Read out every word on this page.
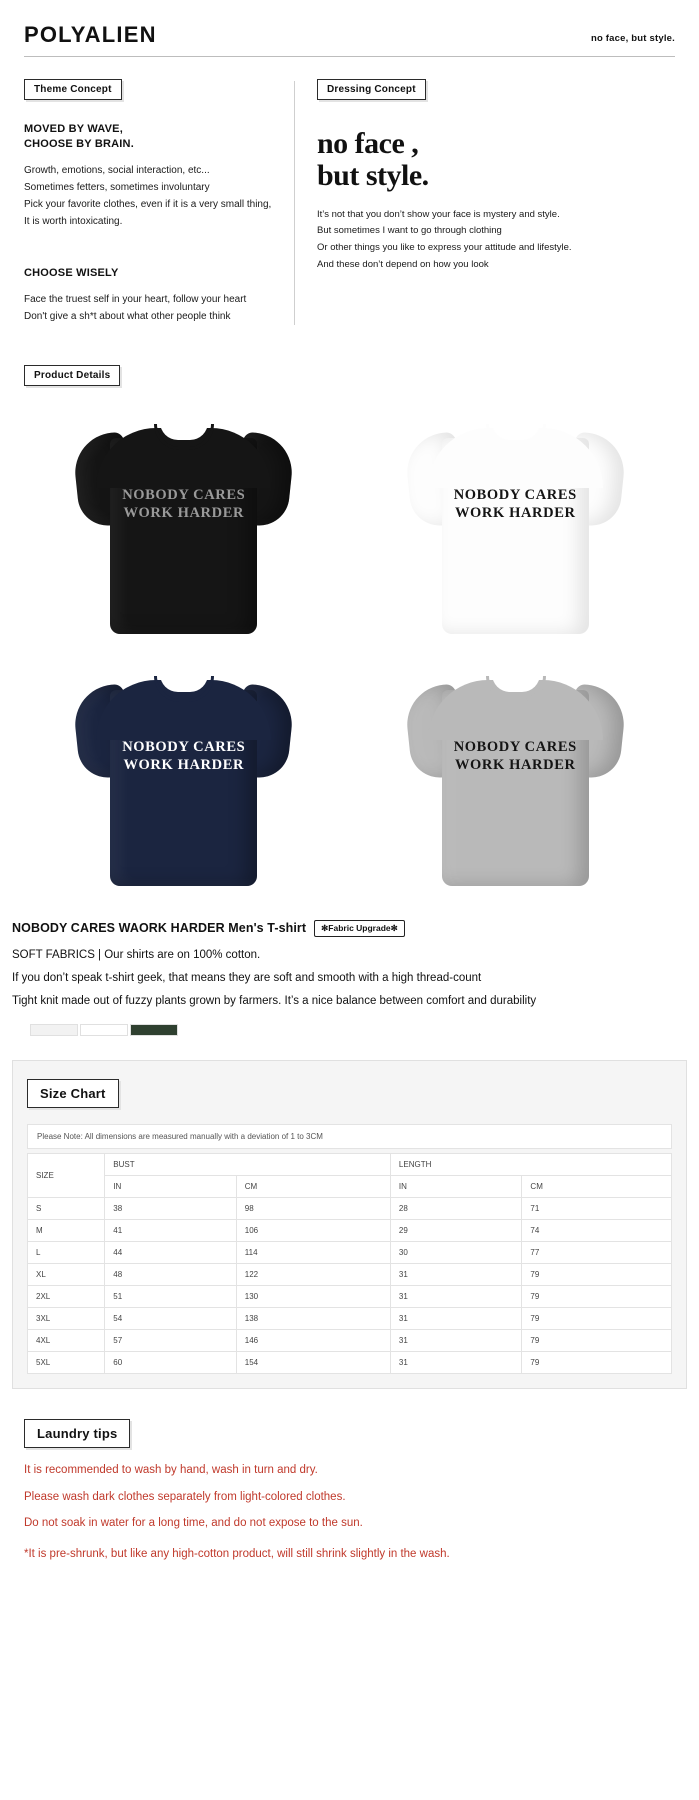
POLYALIEN	no face, but style.
Theme Concept
MOVED BY WAVE,
CHOOSE BY BRAIN.
Growth, emotions, social interaction, etc...
Sometimes fetters, sometimes involuntary
Pick your favorite clothes, even if it is a very small thing,
It is worth intoxicating.
CHOOSE WISELY
Face the truest self in your heart, follow your heart
Don't give a sh*t about what other people think
Dressing Concept
no face ,
but style.
It’s not that you don’t show your face is mystery and style.
But sometimes I want to go through clothing
Or other things you like to express your attitude and lifestyle.
And these don’t depend on how you look
Product Details
NOBODY CARES
WORK HARDER
NOBODY CARES
WORK HARDER
NOBODY CARES
WORK HARDER
NOBODY CARES
WORK HARDER
NOBODY CARES WAORK HARDER Men's T-shirt	✻Fabric Upgrade✻

SOFT FABRICS | Our shirts are on 100% cotton.

If you don’t speak t-shirt geek, that means they are soft and smooth with a high thread-count

Tight knit made out of fuzzy plants grown by farmers. It’s a nice balance between comfort and durability

Size Chart
Please Note: All dimensions are measured manually with a deviation of 1 to 3CM
SIZE	BUST		LENGTH	
	IN	CM	IN	CM
S	38	98	28	71
M	41	106	29	74
L	44	114	30	77
XL	48	122	31	79
2XL	51	130	31	79
3XL	54	138	31	79
4XL	57	146	31	79
5XL	60	154	31	79
Laundry tips

It is recommended to wash by hand, wash in turn and dry.

Please wash dark clothes separately from light-colored clothes.

Do not soak in water for a long time, and do not expose to the sun.

*It is pre-shrunk, but like any high-cotton product, will still shrink slightly in the wash.
